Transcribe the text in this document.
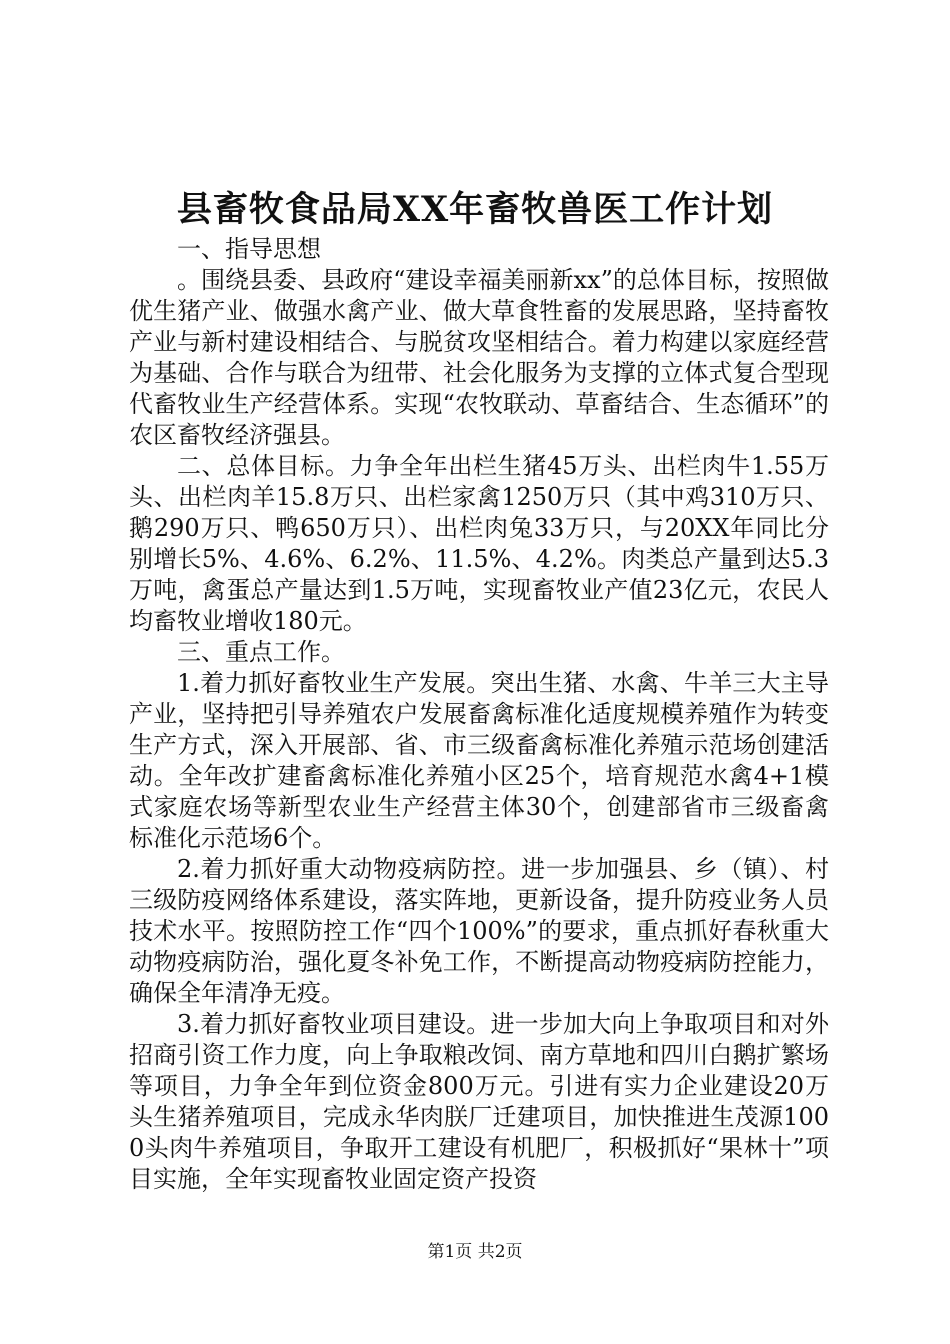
县畜牧食品局XX年畜牧兽医工作计划

一、指导思想

。围绕县委、县政府“建设幸福美丽新xx”的总体目标，按照做优生猪产业、做强水禽产业、做大草食牲畜的发展思路，坚持畜牧产业与新村建设相结合、与脱贫攻坚相结合。着力构建以家庭经营为基础、合作与联合为纽带、社会化服务为支撑的立体式复合型现代畜牧业生产经营体系。实现“农牧联动、草畜结合、生态循环”的农区畜牧经济强县。

二、总体目标。力争全年出栏生猪45万头、出栏肉牛1.55万头、出栏肉羊15.8万只、出栏家禽1250万只（其中鸡310万只、鹅290万只、鸭650万只）、出栏肉兔33万只，与20XX年同比分别增长5%、4.6%、6.2%、11.5%、4.2%。肉类总产量到达5.3万吨，禽蛋总产量达到1.5万吨，实现畜牧业产值23亿元，农民人均畜牧业增收180元。

三、重点工作。

1.着力抓好畜牧业生产发展。突出生猪、水禽、牛羊三大主导产业，坚持把引导养殖农户发展畜禽标准化适度规模养殖作为转变生产方式，深入开展部、省、市三级畜禽标准化养殖示范场创建活动。全年改扩建畜禽标准化养殖小区25个，培育规范水禽4+1模式家庭农场等新型农业生产经营主体30个，创建部省市三级畜禽标准化示范场6个。

2.着力抓好重大动物疫病防控。进一步加强县、乡（镇）、村三级防疫网络体系建设，落实阵地，更新设备，提升防疫业务人员技术水平。按照防控工作“四个100%”的要求，重点抓好春秋重大动物疫病防治，强化夏冬补免工作，不断提高动物疫病防控能力，确保全年清净无疫。

3.着力抓好畜牧业项目建设。进一步加大向上争取项目和对外招商引资工作力度，向上争取粮改饲、南方草地和四川白鹅扩繁场等项目，力争全年到位资金800万元。引进有实力企业建设20万头生猪养殖项目，完成永华肉朕厂迁建项目，加快推进生茂源1000头肉牛养殖项目，争取开工建设有机肥厂，积极抓好“果林十”项目实施，全年实现畜牧业固定资产投资

第1页 共2页
